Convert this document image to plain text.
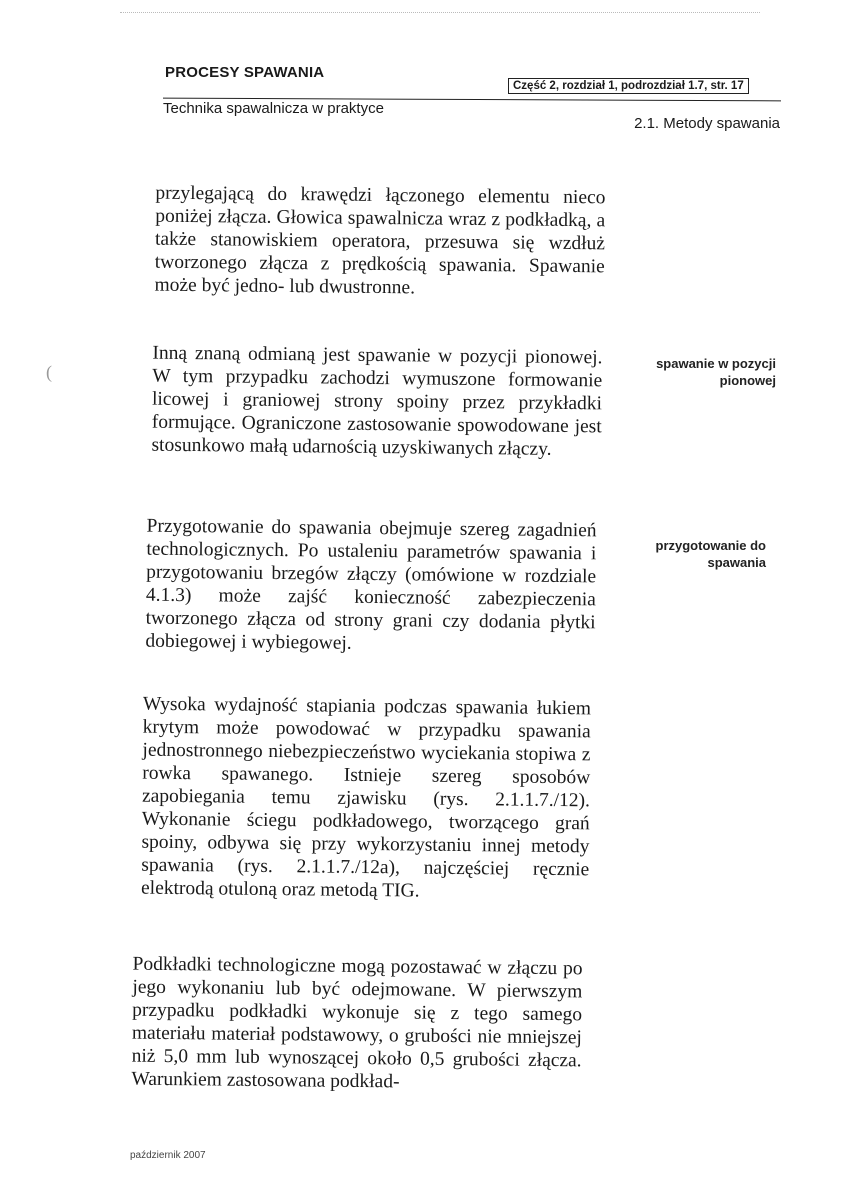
PROCESY SPAWANIA
Część 2, rozdział 1, podrozdział 1.7, str. 17
Technika spawalnicza w praktyce
2.1. Metody spawania
przylegającą do krawędzi łączonego elementu nieco poniżej złącza. Głowica spawalnicza wraz z podkładką, a także stanowiskiem operatora, przesuwa się wzdłuż tworzonego złącza z prędkością spawania. Spawanie może być jedno- lub dwustronne.
Inną znaną odmianą jest spawanie w pozycji pionowej. W tym przypadku zachodzi wymuszone formowanie licowej i graniowej strony spoiny przez przykładki formujące. Ograniczone zastosowanie spowodowane jest stosunkowo małą udarnością uzyskiwanych złączy.
Przygotowanie do spawania obejmuje szereg zagadnień technologicznych. Po ustaleniu parametrów spawania i przygotowaniu brzegów złączy (omówione w rozdziale 4.1.3) może zajść konieczność zabezpieczenia tworzonego złącza od strony grani czy dodania płytki dobiegowej i wybiegowej.
Wysoka wydajność stapiania podczas spawania łukiem krytym może powodować w przypadku spawania jednostronnego niebezpieczeństwo wyciekania stopiwa z rowka spawanego. Istnieje szereg sposobów zapobiegania temu zjawisku (rys. 2.1.1.7./12). Wykonanie ściegu podkładowego, tworzącego grań spoiny, odbywa się przy wykorzystaniu innej metody spawania (rys. 2.1.1.7./12a), najczęściej ręcznie elektrodą otuloną oraz metodą TIG.
Podkładki technologiczne mogą pozostawać w złączu po jego wykonaniu lub być odejmowane. W pierwszym przypadku podkładki wykonuje się z tego samego materiału materiał podstawowy, o grubości nie mniejszej niż 5,0 mm lub wynoszącej około 0,5 grubości złącza. Warunkiem zastosowana podkład-
spawanie w pozycji pionowej
przygotowanie do spawania
(
październik 2007
